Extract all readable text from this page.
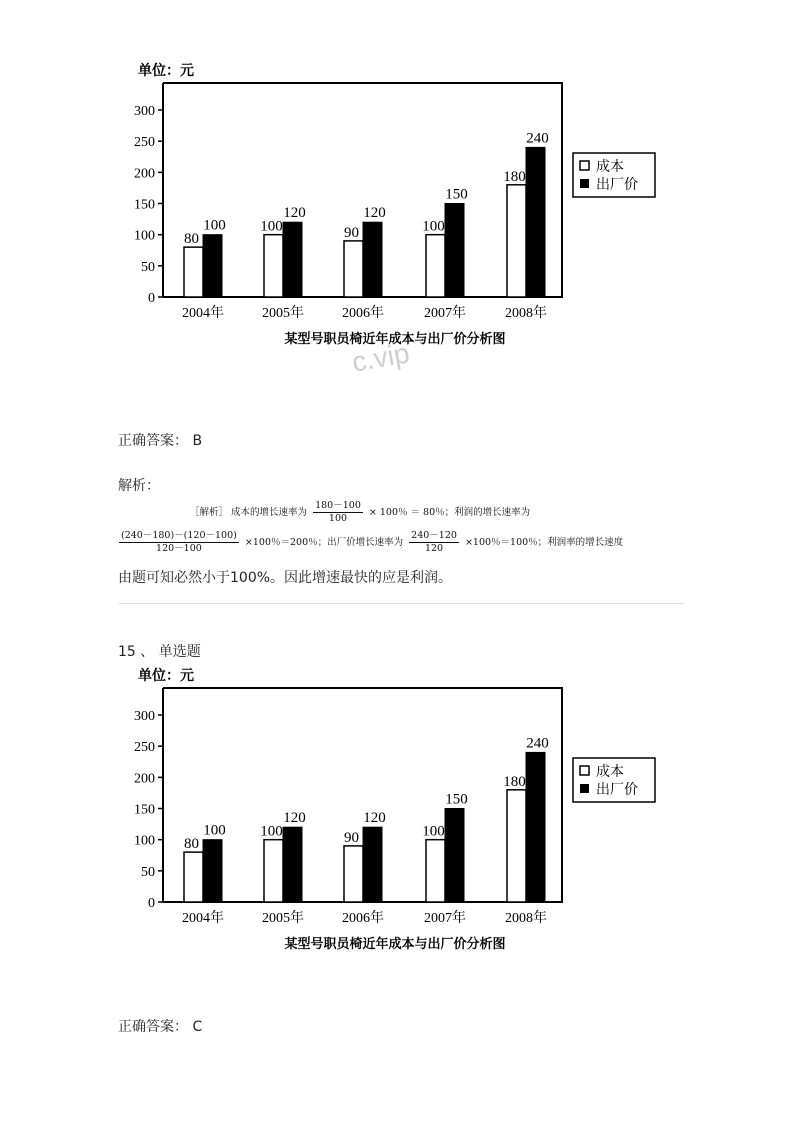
单位：元
0
50
100
150
200
250
300
80
100
2004年
100
120
2005年
90
120
2006年
100
150
2007年
180
240
2008年
成本
出厂价
某型号职员椅近年成本与出厂价分析图
c.vip
正确答案： B
解析：
［解析］ 成本的增长速率为 $\frac{180-100}{100} \times 100$％ ＝ 80％；利润的增长速率为
$\frac{(240-180)-(120-100)}{120-100} \times 100$％＝200％；出厂价增长速率为 $\frac{240-120}{120} \times 100$％＝100％；利润率的增长速度
由题可知必然小于100%。因此增速最快的应是利润。
15 、 单选题
单位：元
0
50
100
150
200
250
300
80
100
2004年
100
120
2005年
90
120
2006年
100
150
2007年
180
240
2008年
成本
出厂价
某型号职员椅近年成本与出厂价分析图
正确答案： C
